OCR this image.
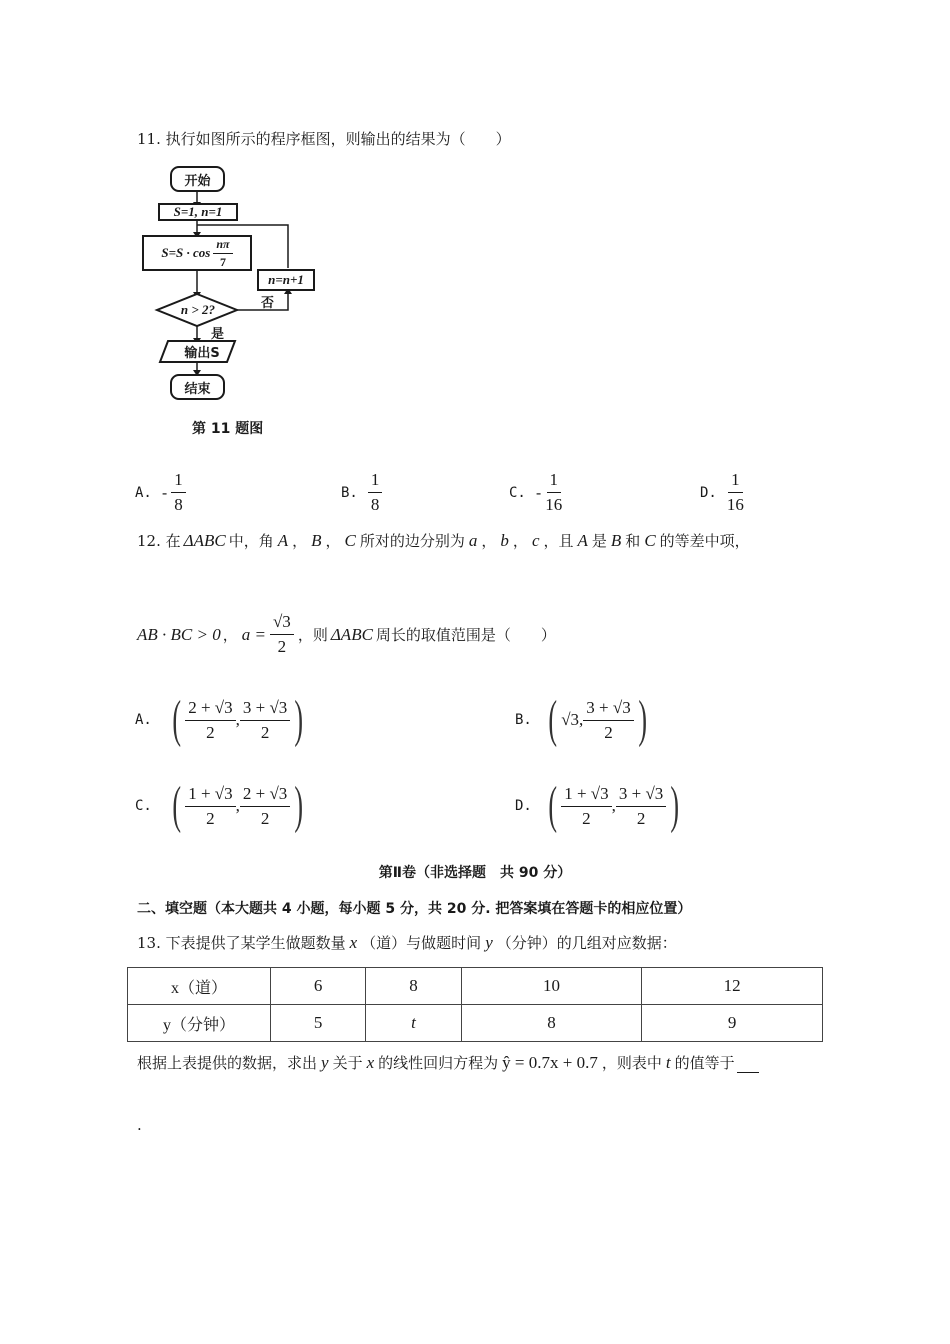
11. 执行如图所示的程序框图，则输出的结果为（　　）
开始
S=1, n=1
$S=S \cdot \cos \frac{n\pi}{7}$
n=n+1
n > 2?	否
是
输出S
结束
第 11 题图
A. - $\frac{1}{8}$	B. $\frac{1}{8}$	C. - $\frac{1}{16}$	D. $\frac{1}{16}$
12. 在 ΔABC 中，角 A ， B ， C 所对的边分别为 a ， b ， c ，且 A 是 B 和 C 的等差中项，
AB · BC > 0 ， $a = \frac{√3}{2}$ ，则 ΔABC 周长的取值范围是（　　）
A. ( $\frac{2 + √3}{2}$ , $\frac{3 + √3}{2}$ )	B. ( √3, $\frac{3 + √3}{2}$ )
C. ( $\frac{1 + √3}{2}$ , $\frac{2 + √3}{2}$ )	D. ( $\frac{1 + √3}{2}$ , $\frac{3 + √3}{2}$ )
第Ⅱ卷（非选择题　共 90 分）
二、填空题（本大题共 4 小题，每小题 5 分，共 20 分. 把答案填在答题卡的相应位置）
13. 下表提供了某学生做题数量 x （道）与做题时间 y （分钟）的几组对应数据：
x（道）	6	8	10	12
y（分钟）	5	t	8	9
根据上表提供的数据，求出 y 关于 x 的线性回归方程为 ŷ = 0.7x + 0.7 ，则表中 t 的值等于

.
